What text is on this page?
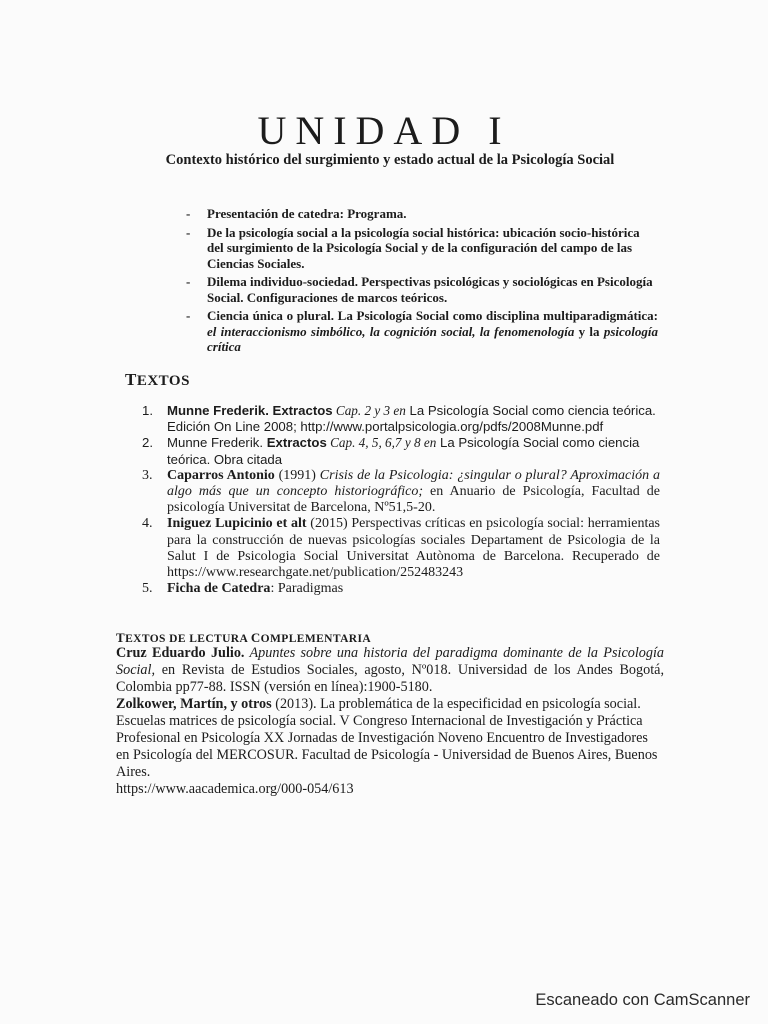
UNIDAD I
Contexto histórico del surgimiento y estado actual de la Psicología Social
- Presentación de catedra: Programa.
- De la psicología social a la psicología social histórica: ubicación socio-histórica del surgimiento de la Psicología Social y de la configuración del campo de las Ciencias Sociales.
- Dilema individuo-sociedad. Perspectivas psicológicas y sociológicas en Psicología Social. Configuraciones de marcos teóricos.
- Ciencia única o plural. La Psicología Social como disciplina multiparadigmática: el interaccionismo simbólico, la cognición social, la fenomenología y la psicología crítica
TEXTOS
1. Munne Frederik. Extractos Cap. 2 y 3 en La Psicología Social como ciencia teórica. Edición On Line 2008; http://www.portalpsicologia.org/pdfs/2008Munne.pdf
2. Munne Frederik. Extractos Cap. 4, 5, 6,7 y 8 en La Psicología Social como ciencia teórica. Obra citada
3. Caparros Antonio (1991) Crisis de la Psicologia: ¿singular o plural? Aproximación a algo más que un concepto historiográfico; en Anuario de Psicología, Facultad de psicología Universitat de Barcelona, Nº51,5-20.
4. Iniguez Lupicinio et alt (2015) Perspectivas críticas en psicología social: herramientas para la construcción de nuevas psicologías sociales Departament de Psicologia de la Salut I de Psicologia Social Universitat Autònoma de Barcelona. Recuperado de https://www.researchgate.net/publication/252483243
5. Ficha de Catedra: Paradigmas
TEXTOS DE LECTURA COMPLEMENTARIA

Cruz Eduardo Julio. Apuntes sobre una historia del paradigma dominante de la Psicología Social, en Revista de Estudios Sociales, agosto, Nº018. Universidad de los Andes Bogotá, Colombia pp77-88. ISSN (versión en línea):1900-5180.

Zolkower, Martín, y otros (2013). La problemática de la especificidad en psicología social. Escuelas matrices de psicología social. V Congreso Internacional de Investigación y Práctica Profesional en Psicología XX Jornadas de Investigación Noveno Encuentro de Investigadores en Psicología del MERCOSUR. Facultad de Psicología - Universidad de Buenos Aires, Buenos Aires.
https://www.aacademica.org/000-054/613

Escaneado con CamScanner
